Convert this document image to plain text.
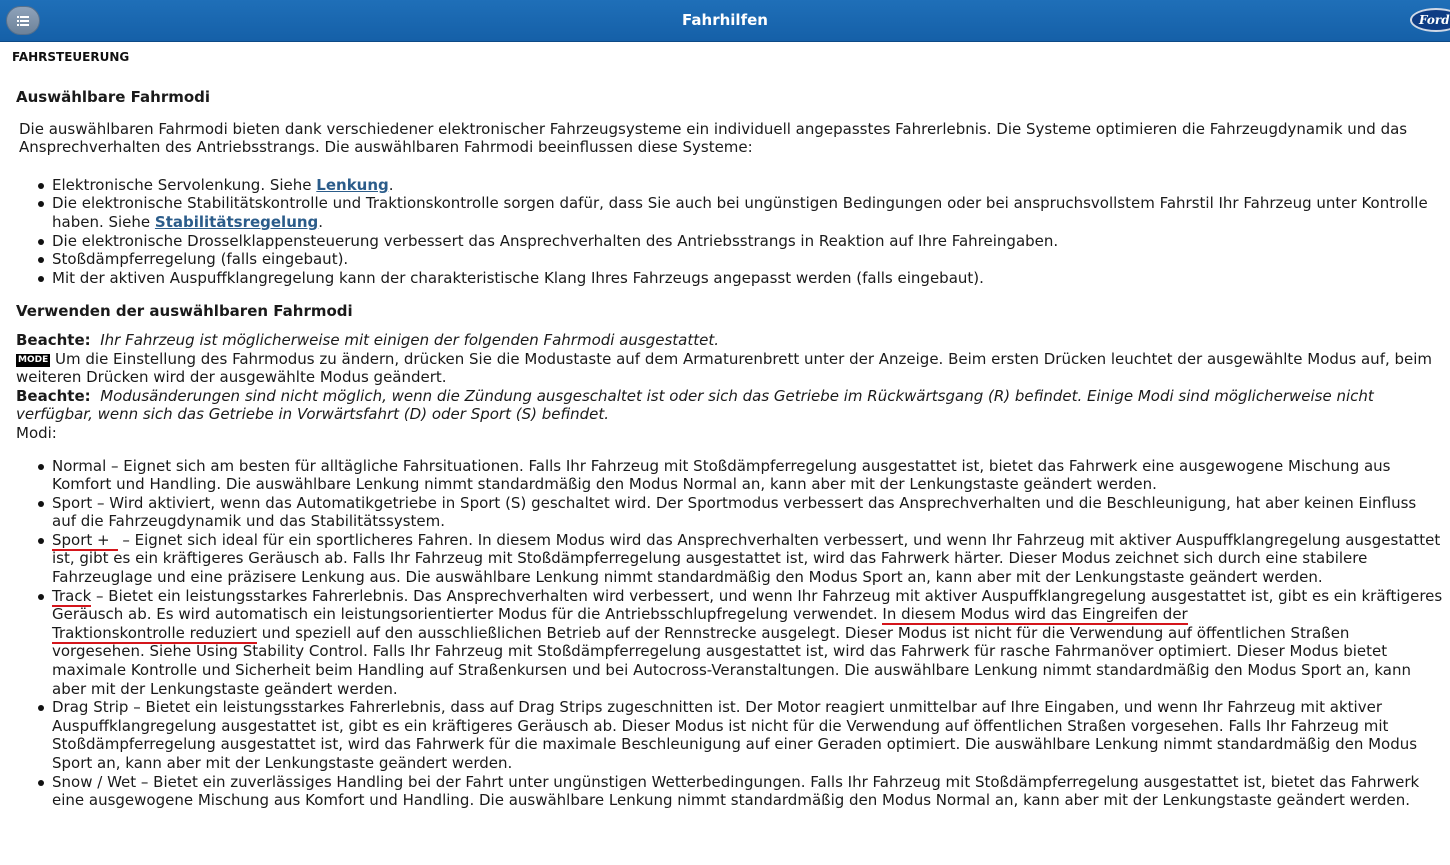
Fahrhilfen	Ford
FAHRSTEUERUNG
Auswählbare Fahrmodi

Die auswählbaren Fahrmodi bieten dank verschiedener elektronischer Fahrzeugsysteme ein individuell angepasstes Fahrerlebnis. Die Systeme optimieren die Fahrzeugdynamik und das Ansprechverhalten des Antriebsstrangs. Die auswählbaren Fahrmodi beeinflussen diese Systeme:

Elektronische Servolenkung. Siehe Lenkung.
Die elektronische Stabilitätskontrolle und Traktionskontrolle sorgen dafür, dass Sie auch bei ungünstigen Bedingungen oder bei anspruchsvollstem Fahrstil Ihr Fahrzeug unter Kontrolle haben. Siehe Stabilitätsregelung.
Die elektronische Drosselklappensteuerung verbessert das Ansprechverhalten des Antriebsstrangs in Reaktion auf Ihre Fahreingaben.
Stoßdämpferregelung (falls eingebaut).
Mit der aktiven Auspuffklangregelung kann der charakteristische Klang Ihres Fahrzeugs angepasst werden (falls eingebaut).
Verwenden der auswählbaren Fahrmodi

Beachte: Ihr Fahrzeug ist möglicherweise mit einigen der folgenden Fahrmodi ausgestattet.

MODE Um die Einstellung des Fahrmodus zu ändern, drücken Sie die Modustaste auf dem Armaturenbrett unter der Anzeige. Beim ersten Drücken leuchtet der ausgewählte Modus auf, beim weiteren Drücken wird der ausgewählte Modus geändert.

Beachte: Modusänderungen sind nicht möglich, wenn die Zündung ausgeschaltet ist oder sich das Getriebe im Rückwärtsgang (R) befindet. Einige Modi sind möglicherweise nicht verfügbar, wenn sich das Getriebe in Vorwärtsfahrt (D) oder Sport (S) befindet.

Modi:

Normal – Eignet sich am besten für alltägliche Fahrsituationen. Falls Ihr Fahrzeug mit Stoßdämpferregelung ausgestattet ist, bietet das Fahrwerk eine ausgewogene Mischung aus Komfort und Handling. Die auswählbare Lenkung nimmt standardmäßig den Modus Normal an, kann aber mit der Lenkungstaste geändert werden.
Sport – Wird aktiviert, wenn das Automatikgetriebe in Sport (S) geschaltet wird. Der Sportmodus verbessert das Ansprechverhalten und die Beschleunigung, hat aber keinen Einfluss auf die Fahrzeugdynamik und das Stabilitätssystem.
Sport + – Eignet sich ideal für ein sportlicheres Fahren. In diesem Modus wird das Ansprechverhalten verbessert, und wenn Ihr Fahrzeug mit aktiver Auspuffklangregelung ausgestattet ist, gibt es ein kräftigeres Geräusch ab. Falls Ihr Fahrzeug mit Stoßdämpferregelung ausgestattet ist, wird das Fahrwerk härter. Dieser Modus zeichnet sich durch eine stabilere Fahrzeuglage und eine präzisere Lenkung aus. Die auswählbare Lenkung nimmt standardmäßig den Modus Sport an, kann aber mit der Lenkungstaste geändert werden.
Track – Bietet ein leistungsstarkes Fahrerlebnis. Das Ansprechverhalten wird verbessert, und wenn Ihr Fahrzeug mit aktiver Auspuffklangregelung ausgestattet ist, gibt es ein kräftigeres Geräusch ab. Es wird automatisch ein leistungsorientierter Modus für die Antriebsschlupfregelung verwendet. In diesem Modus wird das Eingreifen der
Traktionskontrolle reduziert und speziell auf den ausschließlichen Betrieb auf der Rennstrecke ausgelegt. Dieser Modus ist nicht für die Verwendung auf öffentlichen Straßen vorgesehen. Siehe Using Stability Control. Falls Ihr Fahrzeug mit Stoßdämpferregelung ausgestattet ist, wird das Fahrwerk für rasche Fahrmanöver optimiert. Dieser Modus bietet maximale Kontrolle und Sicherheit beim Handling auf Straßenkursen und bei Autocross-Veranstaltungen. Die auswählbare Lenkung nimmt standardmäßig den Modus Sport an, kann aber mit der Lenkungstaste geändert werden.
Drag Strip – Bietet ein leistungsstarkes Fahrerlebnis, dass auf Drag Strips zugeschnitten ist. Der Motor reagiert unmittelbar auf Ihre Eingaben, und wenn Ihr Fahrzeug mit aktiver Auspuffklangregelung ausgestattet ist, gibt es ein kräftigeres Geräusch ab. Dieser Modus ist nicht für die Verwendung auf öffentlichen Straßen vorgesehen. Falls Ihr Fahrzeug mit Stoßdämpferregelung ausgestattet ist, wird das Fahrwerk für die maximale Beschleunigung auf einer Geraden optimiert. Die auswählbare Lenkung nimmt standardmäßig den Modus Sport an, kann aber mit der Lenkungstaste geändert werden.
Snow / Wet – Bietet ein zuverlässiges Handling bei der Fahrt unter ungünstigen Wetterbedingungen. Falls Ihr Fahrzeug mit Stoßdämpferregelung ausgestattet ist, bietet das Fahrwerk eine ausgewogene Mischung aus Komfort und Handling. Die auswählbare Lenkung nimmt standardmäßig den Modus Normal an, kann aber mit der Lenkungstaste geändert werden.
